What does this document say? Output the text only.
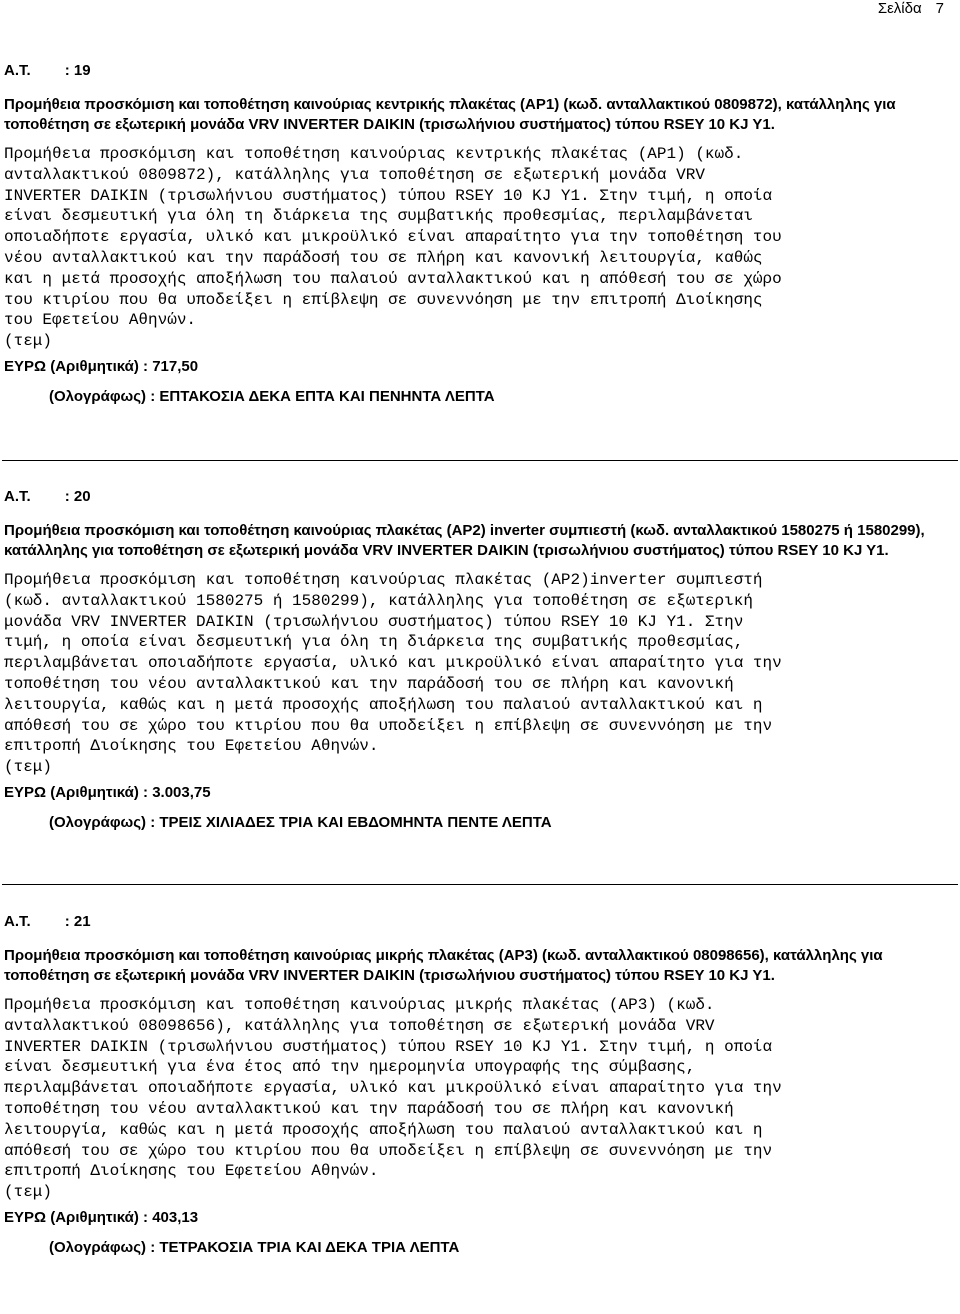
Σελίδα 7
Α.Τ. : 19
Προμήθεια προσκόμιση και τοποθέτηση καινούριας κεντρικής πλακέτας (AP1) (κωδ. ανταλλακτικού 0809872), κατάλληλης για τοποθέτηση σε εξωτερική μονάδα VRV INVERTER DAIKIN (τρισωλήνιου συστήματος) τύπου RSEY 10 KJ Y1.
Προμήθεια προσκόμιση και τοποθέτηση καινούριας κεντρικής πλακέτας (AP1) (κωδ.
ανταλλακτικού 0809872), κατάλληλης για τοποθέτηση σε εξωτερική μονάδα VRV
INVERTER DAIKIN (τρισωλήνιου συστήματος) τύπου RSEY 10 KJ Y1. Στην τιμή, η οποία
είναι δεσμευτική για όλη τη διάρκεια της συμβατικής προθεσμίας, περιλαμβάνεται
οποιαδήποτε εργασία, υλικό και μικροϋλικό είναι απαραίτητο για την τοποθέτηση του
νέου ανταλλακτικού και την παράδοσή του σε πλήρη και κανονική λειτουργία, καθώς
και η μετά προσοχής αποξήλωση του παλαιού ανταλλακτικού και η απόθεσή του σε χώρο
του κτιρίου που θα υποδείξει η επίβλεψη σε συνεννόηση με την επιτροπή Διοίκησης
του Εφετείου Αθηνών.
(τεμ)
ΕΥΡΩ (Αριθμητικά) : 717,50
(Ολογράφως) : ΕΠΤΑΚΟΣΙΑ ΔΕΚΑ ΕΠΤΑ ΚΑΙ ΠΕΝΗΝΤΑ ΛΕΠΤΑ
Α.Τ. : 20
Προμήθεια προσκόμιση και τοποθέτηση καινούριας πλακέτας (AP2) inverter συμπιεστή (κωδ. ανταλλακτικού 1580275 ή 1580299), κατάλληλης για τοποθέτηση σε εξωτερική μονάδα VRV INVERTER DAIKIN (τρισωλήνιου συστήματος) τύπου RSEY 10 KJ Y1.
Προμήθεια προσκόμιση και τοποθέτηση καινούριας πλακέτας (AP2)inverter συμπιεστή
(κωδ. ανταλλακτικού 1580275 ή 1580299), κατάλληλης για τοποθέτηση σε εξωτερική
μονάδα VRV INVERTER DAIKIN (τρισωλήνιου συστήματος) τύπου RSEY 10 KJ Y1. Στην
τιμή, η οποία είναι δεσμευτική για όλη τη διάρκεια της συμβατικής προθεσμίας,
περιλαμβάνεται οποιαδήποτε εργασία, υλικό και μικροϋλικό είναι απαραίτητο για την
τοποθέτηση του νέου ανταλλακτικού και την παράδοσή του σε πλήρη και κανονική
λειτουργία, καθώς και η μετά προσοχής αποξήλωση του παλαιού ανταλλακτικού και η
απόθεσή του σε χώρο του κτιρίου που θα υποδείξει η επίβλεψη σε συνεννόηση με την
επιτροπή Διοίκησης του Εφετείου Αθηνών.
(τεμ)
ΕΥΡΩ (Αριθμητικά) : 3.003,75
(Ολογράφως) : ΤΡΕΙΣ ΧΙΛΙΑΔΕΣ ΤΡΙΑ ΚΑΙ ΕΒΔΟΜΗΝΤΑ ΠΕΝΤΕ ΛΕΠΤΑ
Α.Τ. : 21
Προμήθεια προσκόμιση και τοποθέτηση καινούριας μικρής πλακέτας (AP3) (κωδ. ανταλλακτικού 08098656), κατάλληλης για τοποθέτηση σε εξωτερική μονάδα VRV INVERTER DAIKIN (τρισωλήνιου συστήματος) τύπου RSEY 10 KJ Y1.
Προμήθεια προσκόμιση και τοποθέτηση καινούριας μικρής πλακέτας (AP3) (κωδ.
ανταλλακτικού 08098656), κατάλληλης για τοποθέτηση σε εξωτερική μονάδα VRV
INVERTER DAIKIN (τρισωλήνιου συστήματος) τύπου RSEY 10 KJ Y1. Στην τιμή, η οποία
είναι δεσμευτική για ένα έτος από την ημερομηνία υπογραφής της σύμβασης,
περιλαμβάνεται οποιαδήποτε εργασία, υλικό και μικροϋλικό είναι απαραίτητο για την
τοποθέτηση του νέου ανταλλακτικού και την παράδοσή του σε πλήρη και κανονική
λειτουργία, καθώς και η μετά προσοχής αποξήλωση του παλαιού ανταλλακτικού και η
απόθεσή του σε χώρο του κτιρίου που θα υποδείξει η επίβλεψη σε συνεννόηση με την
επιτροπή Διοίκησης του Εφετείου Αθηνών.
(τεμ)
ΕΥΡΩ (Αριθμητικά) : 403,13
(Ολογράφως) : ΤΕΤΡΑΚΟΣΙΑ ΤΡΙΑ ΚΑΙ ΔΕΚΑ ΤΡΙΑ ΛΕΠΤΑ
